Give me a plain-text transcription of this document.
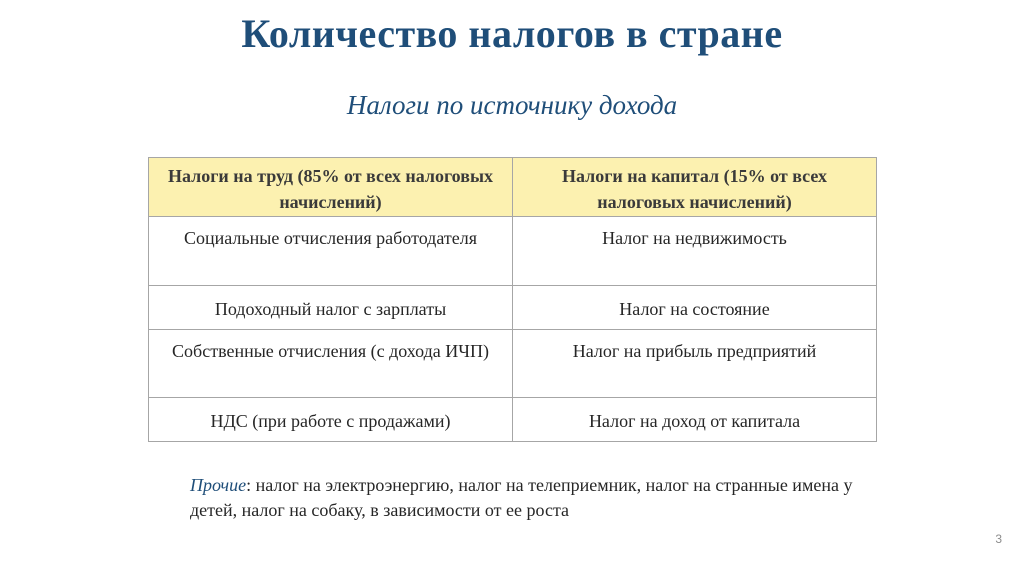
Количество налогов в стране
Налоги по источнику дохода
Налоги на труд (85% от всех налоговых начислений)	Налоги на капитал (15% от всех налоговых начислений)
Социальные отчисления работодателя	Налог на недвижимость
Подоходный налог с зарплаты	Налог на состояние
Собственные отчисления (с дохода ИЧП)	Налог на прибыль предприятий
НДС (при работе с продажами)	Налог на доход от капитала
Прочие: налог на электроэнергию, налог на телеприемник, налог на странные имена у детей, налог на собаку, в зависимости от ее роста
3
